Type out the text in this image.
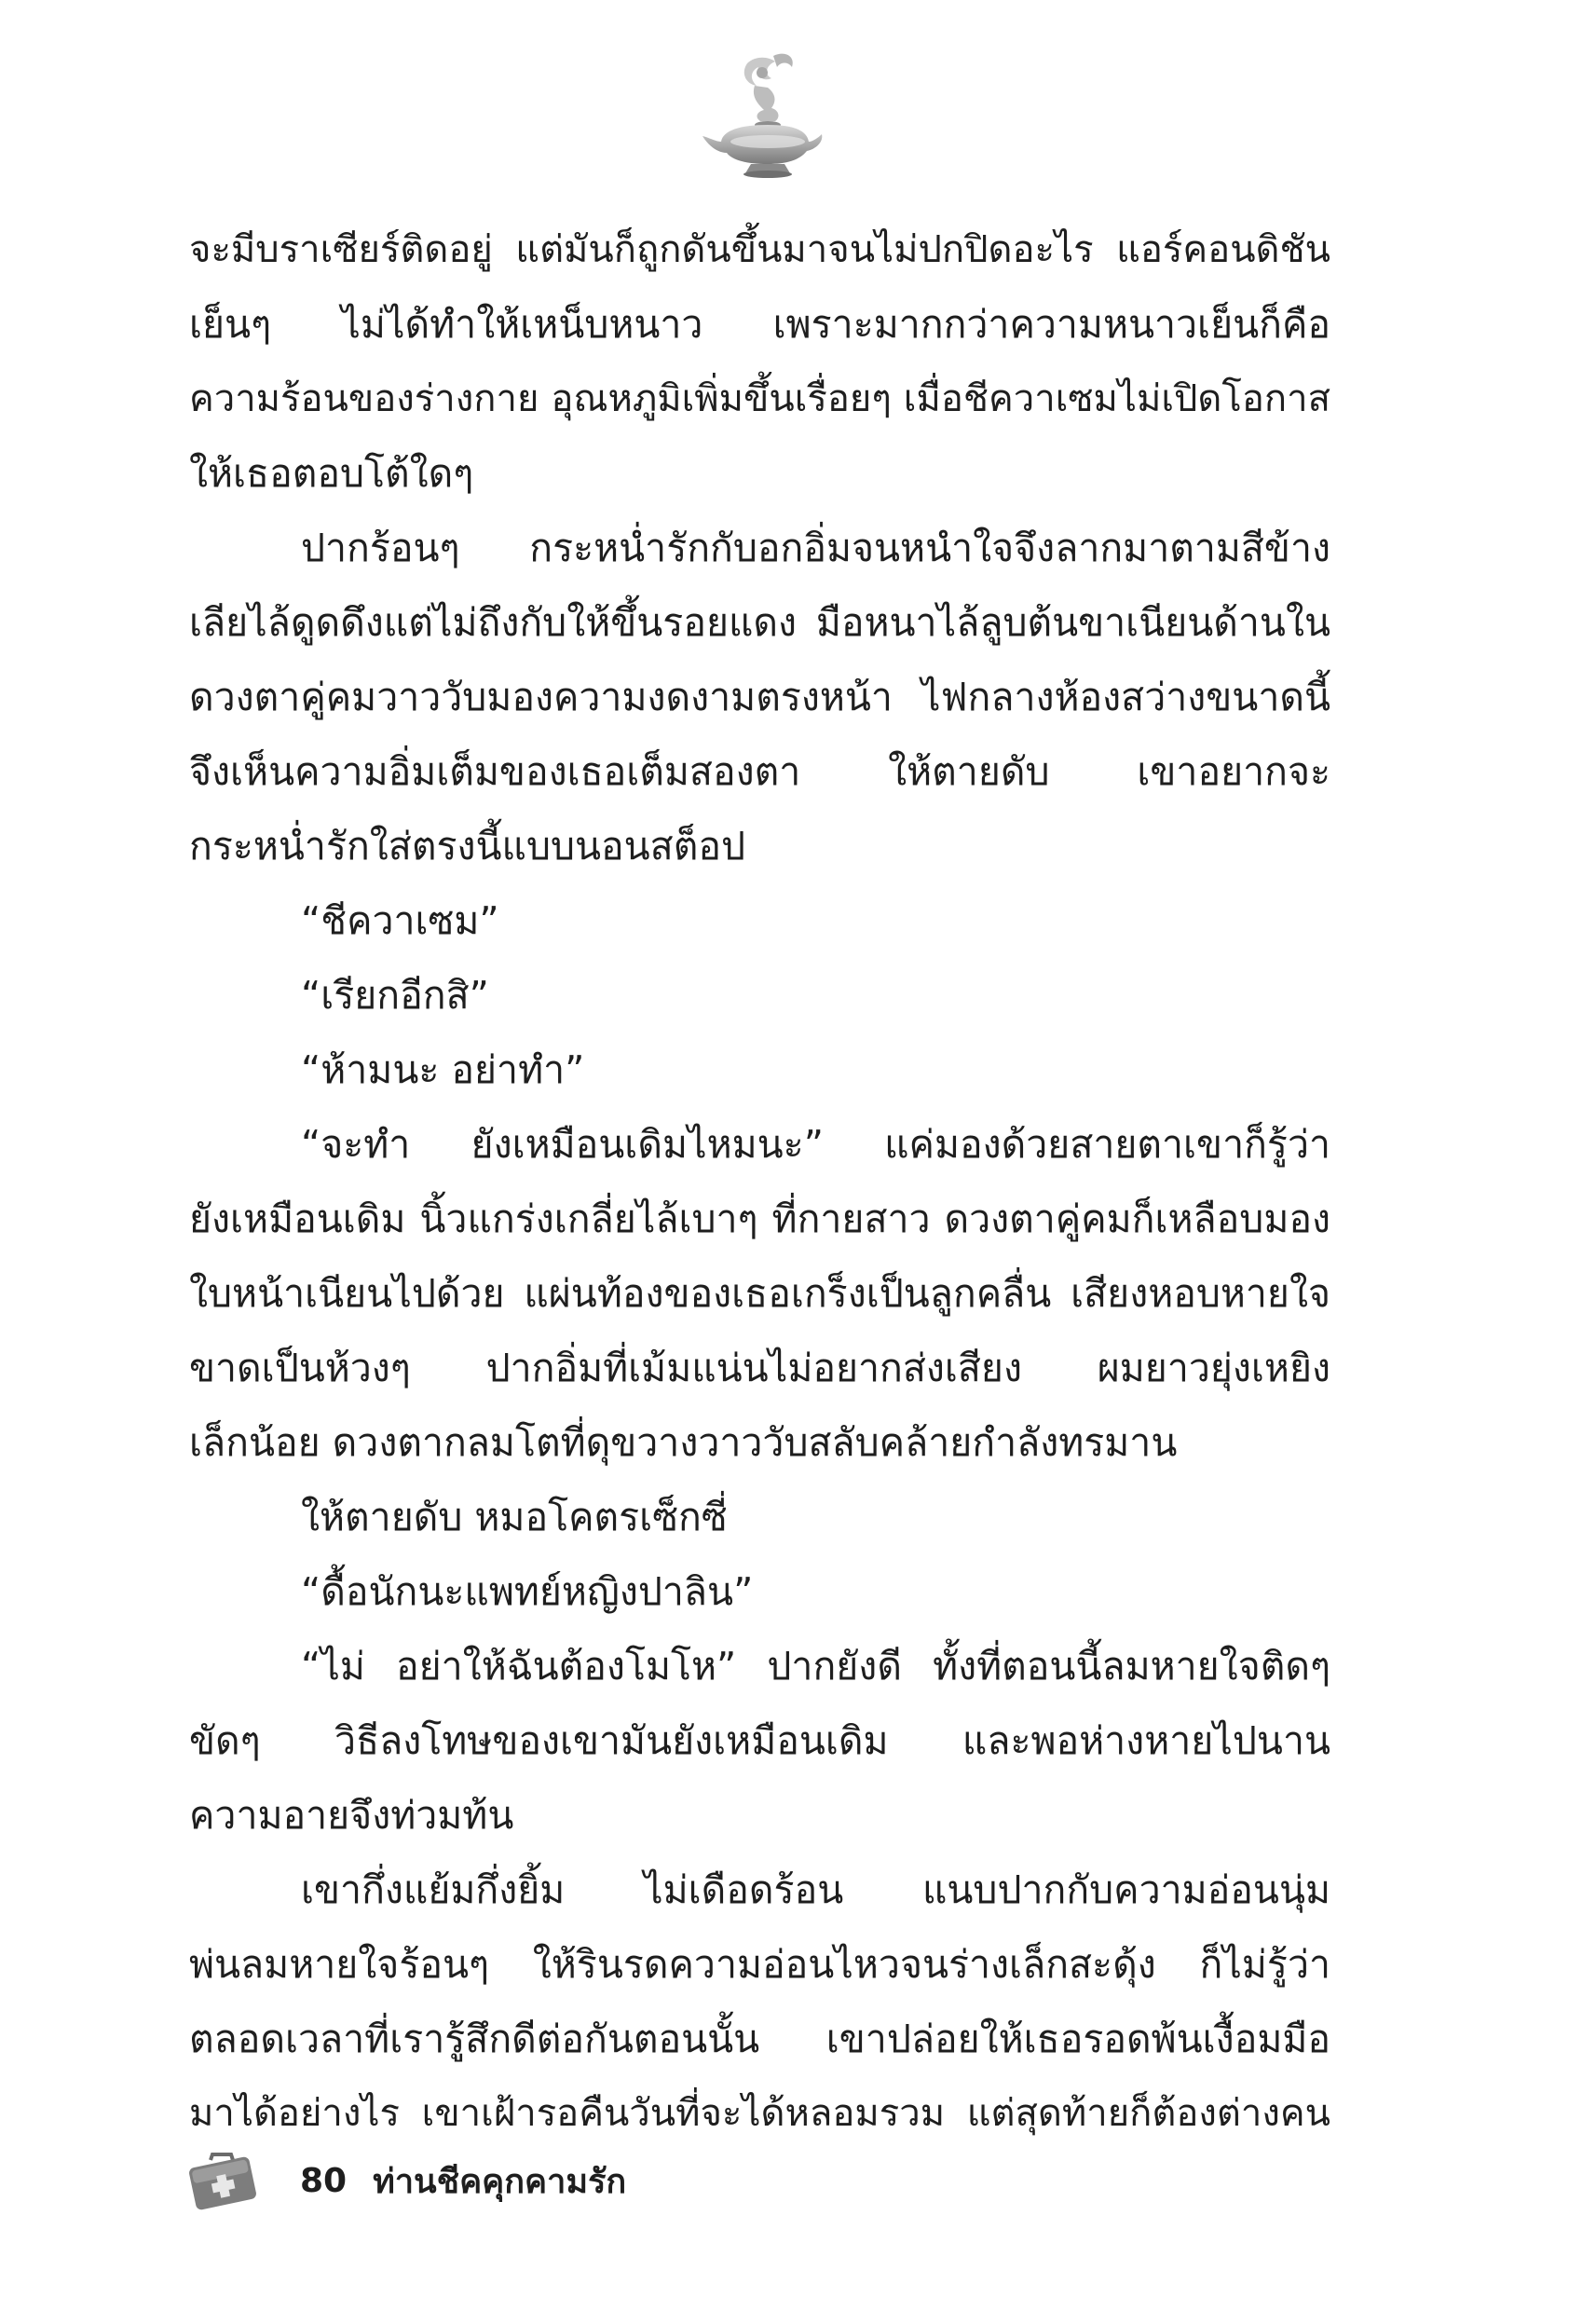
จะมีบราเซียร์ติดอยู่ แต่มันก็ถูกดันขึ้นมาจนไม่ปกปิดอะไร แอร์คอนดิชัน
เย็นๆ ไม่ได้ทำให้เหน็บหนาว เพราะมากกว่าความหนาวเย็นก็คือ
ความร้อนของร่างกาย อุณหภูมิเพิ่มขึ้นเรื่อยๆ เมื่อชีควาเซมไม่เปิดโอกาส
ให้เธอตอบโต้ใดๆ
ปากร้อนๆ กระหน่ำรักกับอกอิ่มจนหนำใจจึงลากมาตามสีข้าง
เลียไล้ดูดดึงแต่ไม่ถึงกับให้ขึ้นรอยแดง มือหนาไล้ลูบต้นขาเนียนด้านใน
ดวงตาคู่คมวาววับมองความงดงามตรงหน้า ไฟกลางห้องสว่างขนาดนี้
จึงเห็นความอิ่มเต็มของเธอเต็มสองตา ให้ตายดับ เขาอยากจะ
กระหน่ำรักใส่ตรงนี้แบบนอนสต็อป
“ชีควาเซม”
“เรียกอีกสิ”
“ห้ามนะ อย่าทำ”
“จะทำ ยังเหมือนเดิมไหมนะ” แค่มองด้วยสายตาเขาก็รู้ว่า
ยังเหมือนเดิม นิ้วแกร่งเกลี่ยไล้เบาๆ ที่กายสาว ดวงตาคู่คมก็เหลือบมอง
ใบหน้าเนียนไปด้วย แผ่นท้องของเธอเกร็งเป็นลูกคลื่น เสียงหอบหายใจ
ขาดเป็นห้วงๆ ปากอิ่มที่เม้มแน่นไม่อยากส่งเสียง ผมยาวยุ่งเหยิง
เล็กน้อย ดวงตากลมโตที่ดุขวางวาววับสลับคล้ายกำลังทรมาน
ให้ตายดับ หมอโคตรเซ็กซี่
“ดื้อนักนะแพทย์หญิงปาลิน”
“ไม่ อย่าให้ฉันต้องโมโห” ปากยังดี ทั้งที่ตอนนี้ลมหายใจติดๆ
ขัดๆ วิธีลงโทษของเขามันยังเหมือนเดิม และพอห่างหายไปนาน
ความอายจึงท่วมท้น
เขากึ่งแย้มกึ่งยิ้ม ไม่เดือดร้อน แนบปากกับความอ่อนนุ่ม
พ่นลมหายใจร้อนๆ ให้รินรดความอ่อนไหวจนร่างเล็กสะดุ้ง ก็ไม่รู้ว่า
ตลอดเวลาที่เรารู้สึกดีต่อกันตอนนั้น เขาปล่อยให้เธอรอดพ้นเงื้อมมือ
มาได้อย่างไร เขาเฝ้ารอคืนวันที่จะได้หลอมรวม แต่สุดท้ายก็ต้องต่างคน
80 ท่านชีคคุกคามรัก
